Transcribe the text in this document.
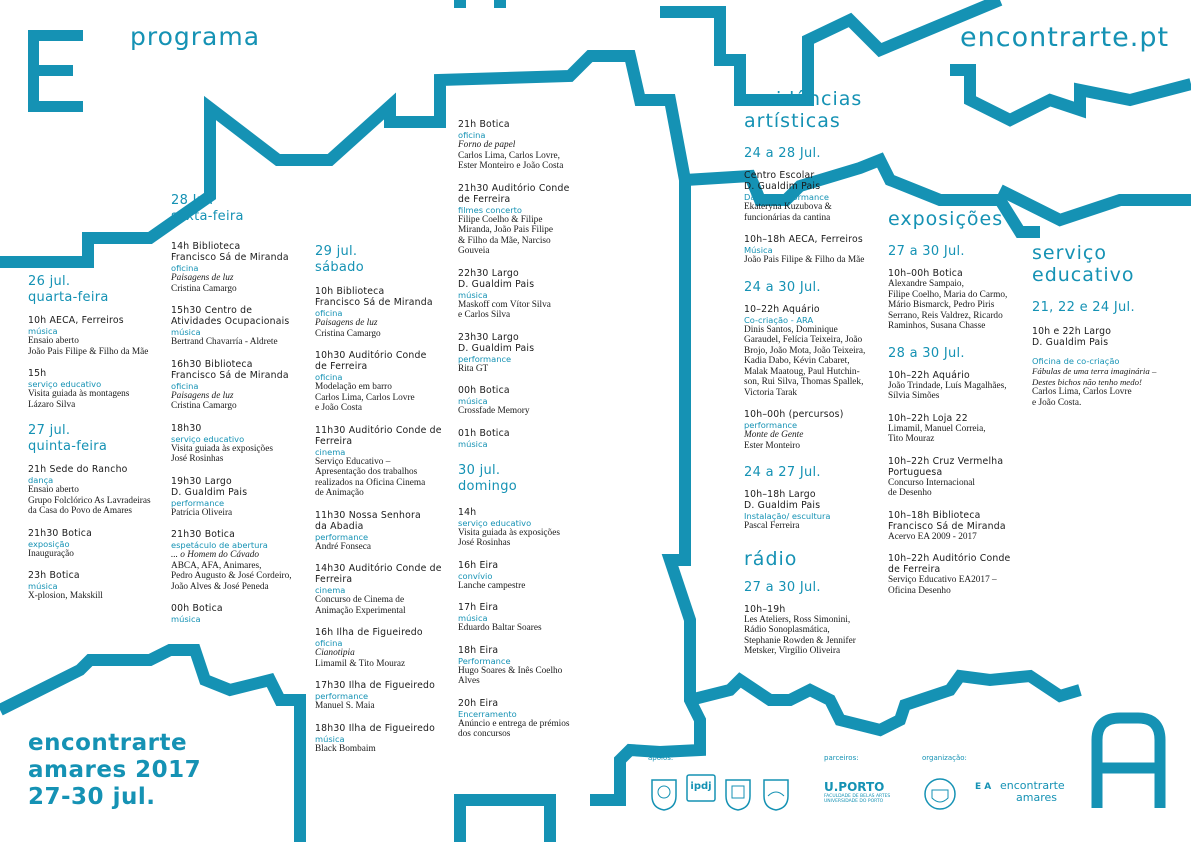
programa	encontrarte.pt
26 jul.
quarta-feira
10h AECA, Ferreiros
música
Ensaio aberto
João Pais Filipe & Filho da Mãe
15h
serviço educativo
Visita guiada às montagens
Lázaro Silva
27 jul.
quinta-feira
21h Sede do Rancho
dança
Ensaio aberto
Grupo Folclórico As Lavradeiras
da Casa do Povo de Amares
21h30 Botica
exposição
Inauguração
23h Botica
música
X-plosion, Makskill
28 Jul.
sexta-feira
14h Biblioteca
Francisco Sá de Miranda
oficina
Paisagens de luz
Cristina Camargo
15h30 Centro de
Atividades Ocupacionais
música
Bertrand Chavarría - Aldrete
16h30 Biblioteca
Francisco Sá de Miranda
oficina
Paisagens de luz
Cristina Camargo
18h30
serviço educativo
Visita guiada às exposições
José Rosinhas
19h30 Largo
D. Gualdim Pais
performance
Patrícia Oliveira
21h30 Botica
espetáculo de abertura
... o Homem do Cávado
ABCA, AFA, Animares,
Pedro Augusto & José Cordeiro,
João Alves & José Peneda
00h Botica
música
29 jul.
sábado
10h Biblioteca
Francisco Sá de Miranda
oficina
Paisagens de luz
Cristina Camargo
10h30 Auditório Conde
de Ferreira
oficina
Modelação em barro
Carlos Lima, Carlos Lovre
e João Costa
11h30 Auditório Conde de
Ferreira
cinema
Serviço Educativo –
Apresentação dos trabalhos
realizados na Oficina Cinema
de Animação
11h30 Nossa Senhora
da Abadia
performance
André Fonseca
14h30 Auditório Conde de
Ferreira
cinema
Concurso de Cinema de
Animação Experimental
16h Ilha de Figueiredo
oficina
Cianotipia
Limamil & Tito Mouraz
17h30 Ilha de Figueiredo
performance
Manuel S. Maia
18h30 Ilha de Figueiredo
música
Black Bombaim
21h Botica
oficina
Forno de papel
Carlos Lima, Carlos Lovre,
Ester Monteiro e João Costa
21h30 Auditório Conde
de Ferreira
filmes concerto
Filipe Coelho & Filipe
Miranda, João Pais Filipe
& Filho da Mãe, Narciso
Gouveia
22h30 Largo
D. Gualdim Pais
música
Maskoff com Vítor Silva
e Carlos Silva
23h30 Largo
D. Gualdim Pais
performance
Rita GT
00h Botica
música
Crossfade Memory
01h Botica
música
30 jul.
domingo
14h
serviço educativo
Visita guiada às exposições
José Rosinhas
16h Eira
convívio
Lanche campestre
17h Eira
música
Eduardo Baltar Soares
18h Eira
Performance
Hugo Soares & Inês Coelho
Alves
20h Eira
Encerramento
Anúncio e entrega de prémios
dos concursos
residências
artísticas
24 a 28 Jul.
Centro Escolar
D. Gualdim Pais
Dança/ performance
Ekateryna Kuzubova &
funcionárias da cantina
10h–18h AECA, Ferreiros
Música
João Pais Filipe & Filho da Mãe
24 a 30 Jul.
10–22h Aquário
Co-criação - ARA
Dinis Santos, Dominique
Garaudel, Felícia Teixeira, João
Brojo, João Mota, João Teixeira,
Kadia Dabo, Kévin Cabaret,
Malak Maatoug, Paul Hutchin-
son, Rui Silva, Thomas Spallek,
Victoria Tarak
10h–00h (percursos)
performance
Monte de Gente
Ester Monteiro
24 a 27 Jul.
10h–18h Largo
D. Gualdim Pais
Instalação/ escultura
Pascal Ferreira
rádio
27 a 30 Jul.
10h–19h
Les Ateliers, Ross Simonini,
Rádio Sonoplasmática,
Stephanie Rowden & Jennifer
Metsker, Virgílio Oliveira
exposições
27 a 30 Jul.
10h–00h Botica
Alexandre Sampaio,
Filipe Coelho, Maria do Carmo,
Mário Bismarck, Pedro Piris
Serrano, Reis Valdrez, Ricardo
Raminhos, Susana Chasse
28 a 30 Jul.
10h–22h Aquário
João Trindade, Luís Magalhães,
Sílvia Simões
10h–22h Loja 22
Limamil, Manuel Correia,
Tito Mouraz
10h–22h Cruz Vermelha
Portuguesa
Concurso Internacional
de Desenho
10h–18h Biblioteca
Francisco Sá de Miranda
Acervo EA 2009 - 2017
10h–22h Auditório Conde
de Ferreira
Serviço Educativo EA2017 –
Oficina Desenho
serviço
educativo
21, 22 e 24 Jul.
10h e 22h Largo
D. Gualdim Pais
Oficina de co-criação
Fábulas de uma terra imaginária – Destes bichos não tenho medo!
Carlos Lima, Carlos Lovre
e João Costa.
encontrarte
amares 2017
27-30 jul.
apoios:	parceiros:	organização:
ipdj	U.PORTO
FACULDADE DE BELAS ARTES UNIVERSIDADE DO PORTO
E A encontrarte
amares
